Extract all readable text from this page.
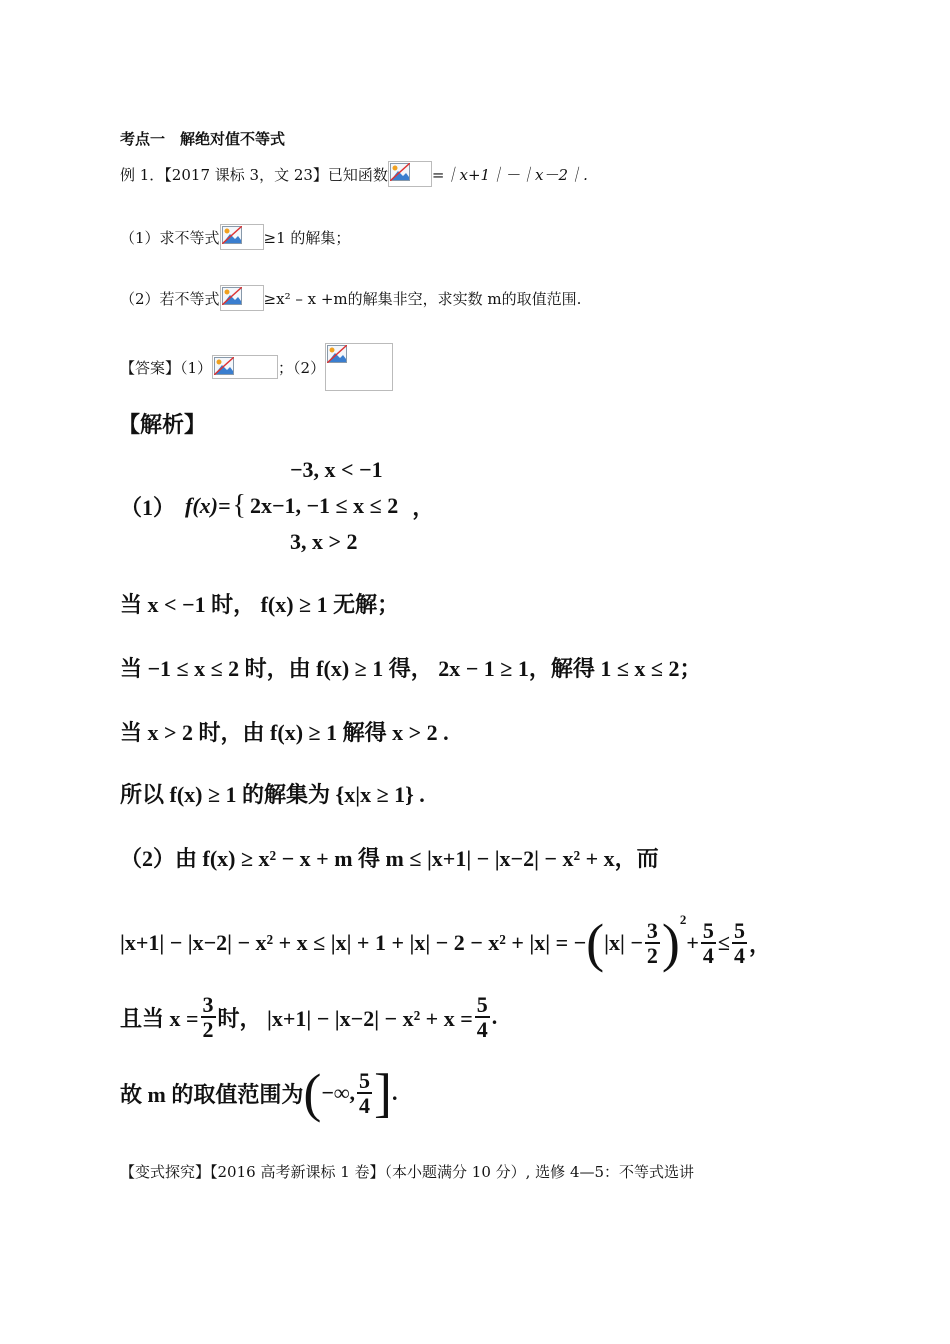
考点一　解绝对值不等式
例 1．【2017 课标 3，文 23】已知函数	=｜x+1｜－｜x－2｜.
（1）求不等式	≥1 的解集；
（2）若不等式	≥x² – x +m的解集非空，求实数 m的取值范围.
【答案】（1）	；（2）
【解析】
（1） f(x)= {
−3, x < −1
2x−1, −1 ≤ x ≤ 2
3, x > 2
，
当 x < −1 时， f(x) ≥ 1 无解；
当 −1 ≤ x ≤ 2 时，由 f(x) ≥ 1 得， 2x − 1 ≥ 1，解得 1 ≤ x ≤ 2；
当 x > 2 时，由 f(x) ≥ 1 解得 x > 2 .
所以 f(x) ≥ 1 的解集为 {x|x ≥ 1} .
（2）由 f(x) ≥ x² − x + m 得 m ≤ |x+1| − |x−2| − x² + x，而
|x+1| − |x−2| − x² + x ≤ |x| + 1 + |x| − 2 − x² + |x| = − ( $|x| - \frac{3}{2} )^2$
+ $\frac{5}{4} \le \frac{5}{4}$ ，
且当 $x = \frac{3}{2}$ 时， $|x+1| - |x-2| - x^2 + x = \frac{5}{4}$ .
故 m 的取值范围为 ( −∞, $\frac{5}{4}$ ] .
【变式探究】【2016 高考新课标 1 卷】（本小题满分 10 分）, 选修 4—5：不等式选讲
